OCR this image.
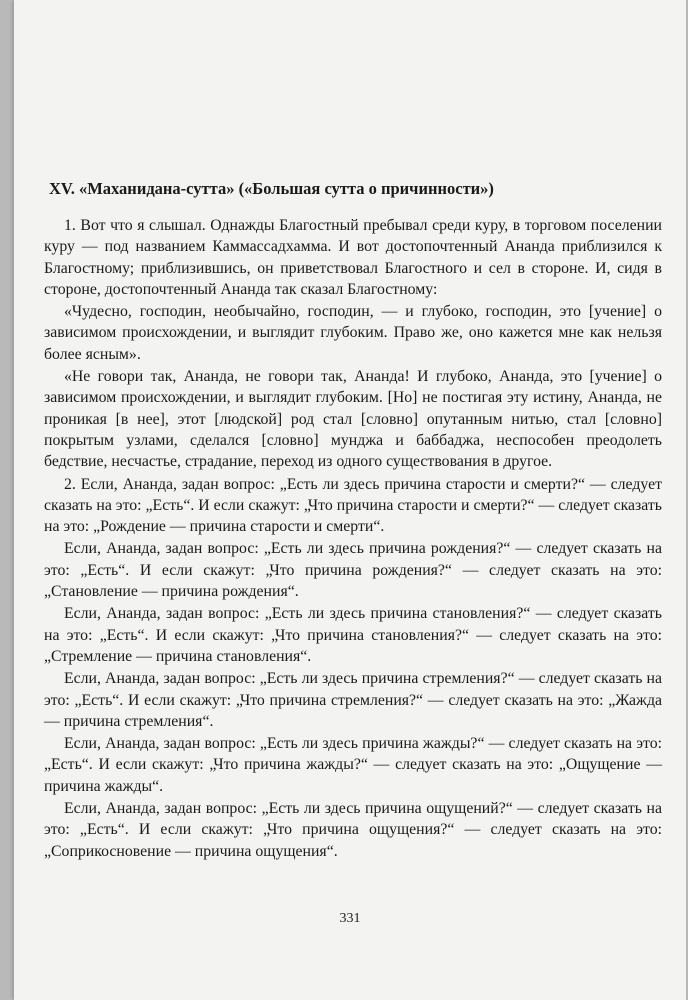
XV. «Маханидана-сутта» («Большая сутта о причинности»)

1. Вот что я слышал. Однажды Благостный пребывал среди куру, в торговом поселении куру — под названием Каммассадхамма. И вот достопочтенный Ананда приблизился к Благостному; приблизившись, он приветствовал Благостного и сел в стороне. И, сидя в стороне, достопочтенный Ананда так сказал Благостному:

«Чудесно, господин, необычайно, господин, — и глубоко, господин, это [учение] о зависимом происхождении, и выглядит глубоким. Право же, оно кажется мне как нельзя более ясным».

«Не говори так, Ананда, не говори так, Ананда! И глубоко, Ананда, это [учение] о зависимом происхождении, и выглядит глубоким. [Но] не постигая эту истину, Ананда, не проникая [в нее], этот [людской] род стал [словно] опутанным нитью, стал [словно] покрытым узлами, сделался [словно] мунджа и баббаджа, неспособен преодолеть бедствие, несчастье, страдание, переход из одного существования в другое.

2. Если, Ананда, задан вопрос: „Есть ли здесь причина старости и смерти?“ — следует сказать на это: „Есть“. И если скажут: „Что причина старости и смерти?“ — следует сказать на это: „Рождение — причина старости и смерти“.

Если, Ананда, задан вопрос: „Есть ли здесь причина рождения?“ — следует сказать на это: „Есть“. И если скажут: „Что причина рождения?“ — следует сказать на это: „Становление — причина рождения“.

Если, Ананда, задан вопрос: „Есть ли здесь причина становления?“ — следует сказать на это: „Есть“. И если скажут: „Что причина становления?“ — следует сказать на это: „Стремление — причина становления“.

Если, Ананда, задан вопрос: „Есть ли здесь причина стремления?“ — следует сказать на это: „Есть“. И если скажут: „Что причина стремления?“ — следует сказать на это: „Жажда — причина стремления“.

Если, Ананда, задан вопрос: „Есть ли здесь причина жажды?“ — следует сказать на это: „Есть“. И если скажут: „Что причина жажды?“ — следует сказать на это: „Ощущение — причина жажды“.

Если, Ананда, задан вопрос: „Есть ли здесь причина ощущений?“ — следует сказать на это: „Есть“. И если скажут: „Что причина ощущения?“ — следует сказать на это: „Соприкосновение — причина ощущения“.

331
